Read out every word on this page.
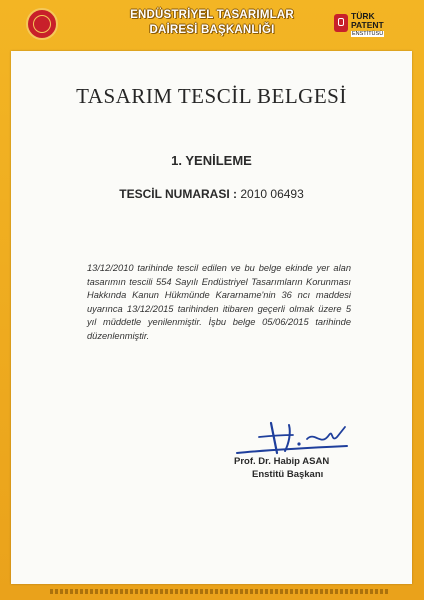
ENDÜSTRİYEL TASARIMLAR
DAİRESİ BAŞKANLIĞI
TÜRK
PATENT
ENSTİTÜSÜ
TASARIM TESCİL BELGESİ
1. YENİLEME
TESCİL NUMARASI : 2010 06493
13/12/2010 tarihinde tescil edilen ve bu belge ekinde yer alan tasarımın tescili 554 Sayılı Endüstriyel Tasarımların Korunması Hakkında Kanun Hükmünde Kararname'nin 36 ncı maddesi uyarınca 13/12/2015 tarihinden itibaren geçerli olmak üzere 5 yıl müddetle yenilenmiştir. İşbu belge 05/06/2015 tarihinde düzenlenmiştir.
Prof. Dr. Habip ASAN
Enstitü Başkanı
